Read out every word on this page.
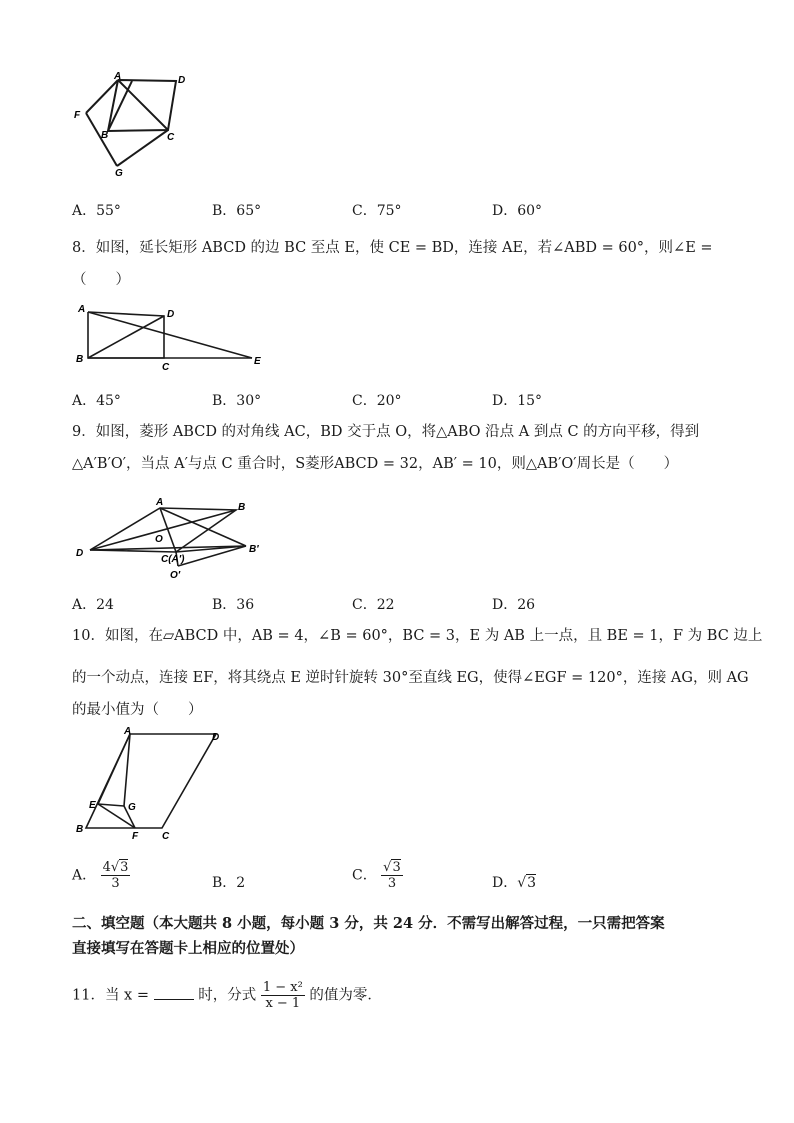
A	D
F
B	C
G
A．55°	B．65°	C．75°	D．60°
8．如图，延长矩形 ABCD 的边 BC 至点 E，使 CE = BD，连接 AE，若∠ABD = 60°，则∠E =
（　　）
A	D
B
C
E
A．45°	B．30°	C．20°	D．15°
9．如图，菱形 ABCD 的对角线 AC，BD 交于点 O，将△ABO 沿点 A 到点 C 的方向平移，得到
△A′B′O′，当点 A′与点 C 重合时，S菱形ABCD = 32，AB′ = 10，则△AB′O′周长是（　　）
A	B
D
O
C(A′)
B′
O′
A．24	B．36	C．22	D．26
10．如图，在▱ABCD 中，AB = 4，∠B = 60°，BC = 3，E 为 AB 上一点，且 BE = 1，F 为 BC 边上
的一个动点，连接 EF，将其绕点 E 逆时针旋转 30°至直线 EG，使得∠EGF = 120°，连接 AG，则 AG
的最小值为（　　）
A
D
E	G
B
F C
A． $\frac{4√3}{3}$	B．2	C． $\frac{√3}{3}$	D．√3
二、填空题（本大题共 8 小题，每小题 3 分，共 24 分．不需写出解答过程，一只需把答案
直接填写在答题卡上相应的位置处）
11．当 x =	时，分式 $\frac{\text{1 − x²}}{x - 1}$ 的值为零．
